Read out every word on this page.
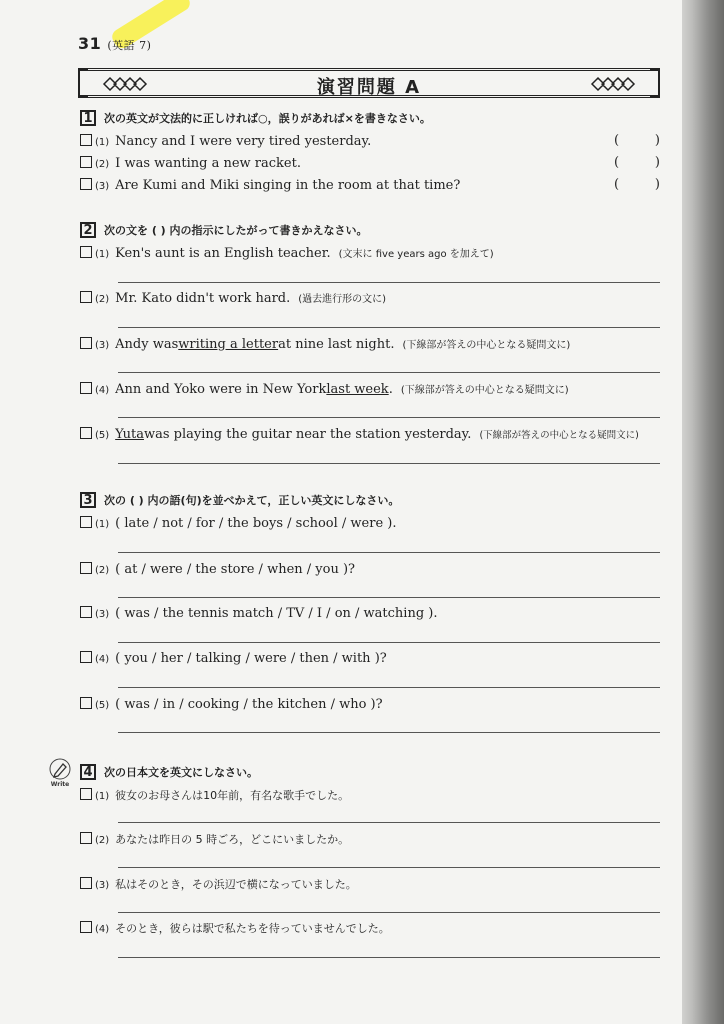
31 (英語 7)
演習問題 A
1	次の英文が文法的に正しければ○，誤りがあれば×を書きなさい。
(1) Nancy and I were very tired yesterday.	(	)
(2) I was wanting a new racket.	(	)
(3) Are Kumi and Miki singing in the room at that time?	(	)
2	次の文を ( ) 内の指示にしたがって書きかえなさい。
(1) Ken's aunt is an English teacher. (文末に five years ago を加えて)
(2) Mr. Kato didn't work hard. (過去進行形の文に)
(3) Andy was writing a letter at nine last night. (下線部が答えの中心となる疑問文に)
(4) Ann and Yoko were in New York last week . (下線部が答えの中心となる疑問文に)
(5) Yuta was playing the guitar near the station yesterday. (下線部が答えの中心となる疑問文に)
3	次の ( ) 内の語(句)を並べかえて，正しい英文にしなさい。
(1) ( late / not / for / the boys / school / were ).
(2) ( at / were / the store / when / you )?
(3) ( was / the tennis match / TV / I / on / watching ).
(4) ( you / her / talking / were / then / with )?
(5) ( was / in / cooking / the kitchen / who )?
Write
4	次の日本文を英文にしなさい。
(1) 彼女のお母さんは10年前，有名な歌手でした。
(2) あなたは昨日の 5 時ごろ，どこにいましたか。
(3) 私はそのとき，その浜辺で横になっていました。
(4) そのとき，彼らは駅で私たちを待っていませんでした。
